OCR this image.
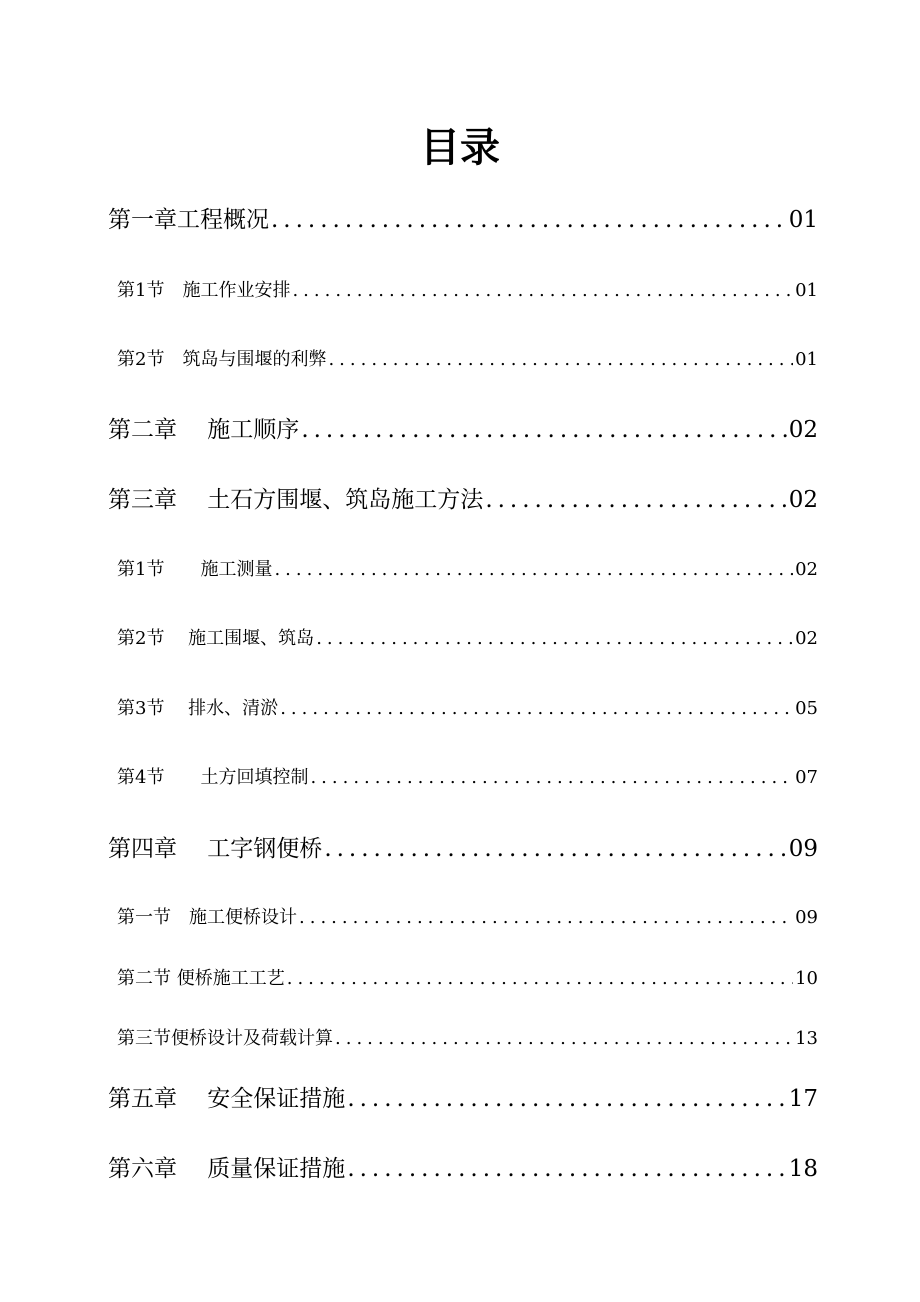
目录
第一章工程概况 .....	01
第1节　施工作业安排 .....	01
第2节　筑岛与围堰的利弊 .....	01
第二章　 施工顺序 .....	02
第三章　 土石方围堰、筑岛施工方法 .....	02
第1节　　施工测量 .....	02
第2节　 施工围堰、筑岛 .....	02
第3节　 排水、清淤 .....	05
第4节　　土方回填控制 .....	07
第四章　 工字钢便桥 .....	09
第一节　施工便桥设计 .....	09
第二节 便桥施工工艺 .....	10
第三节便桥设计及荷载计算 .....	13
第五章　 安全保证措施 .....	17
第六章　 质量保证措施 .....	18
